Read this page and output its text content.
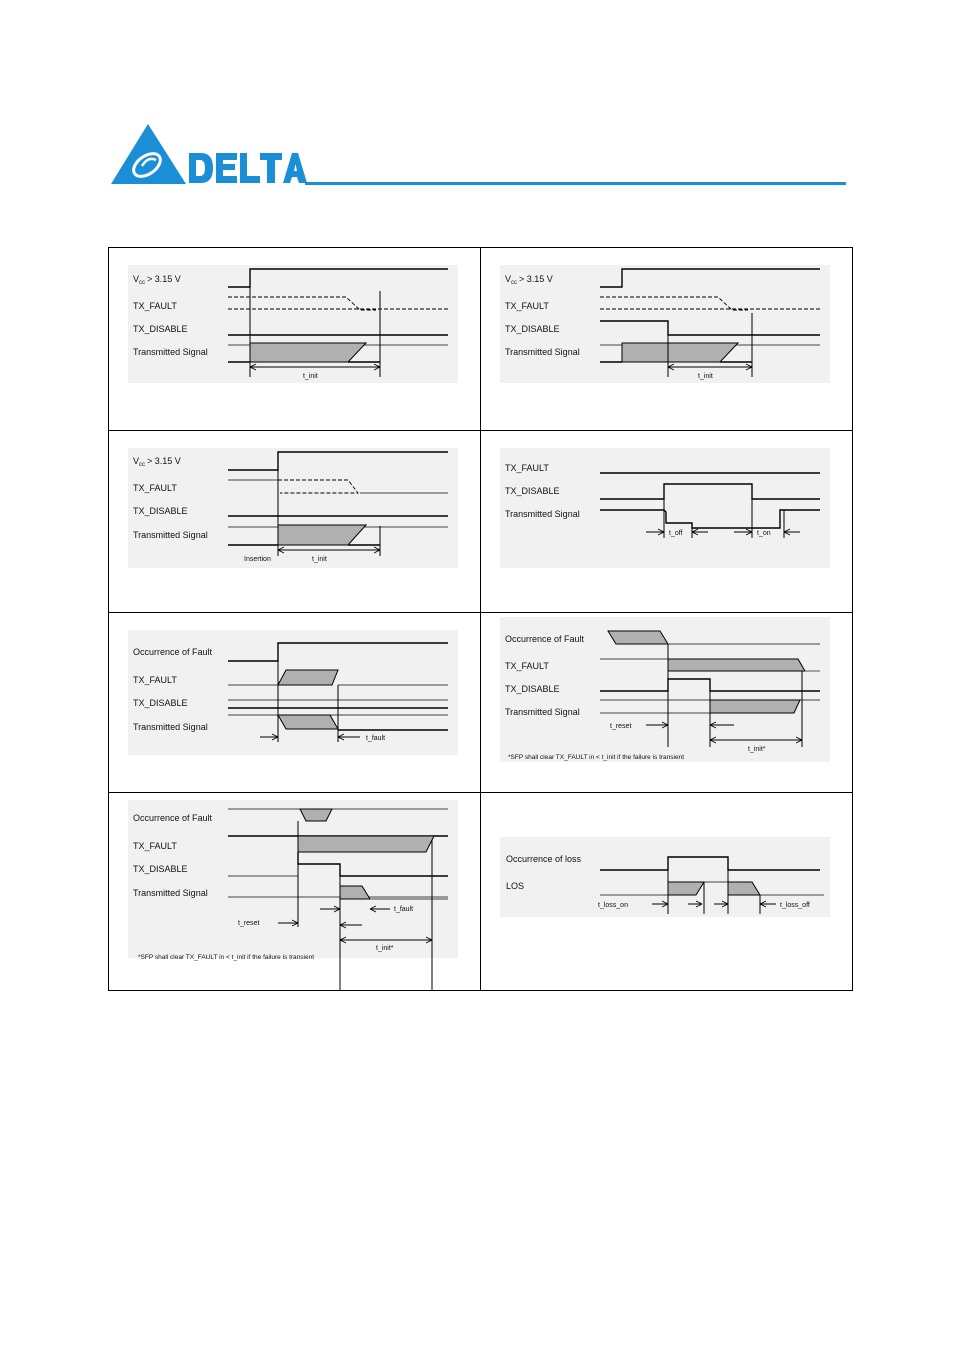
$V_{cc} > 3.15$ V
TX_FAULT
TX_DISABLE
Transmitted Signal
t_init
$V_{cc} > 3.15$ V
TX_FAULT
TX_DISABLE
Transmitted Signal
t_init
$V_{cc} > 3.15$ V
TX_FAULT
TX_DISABLE
Transmitted Signal
Insertion	t_init
TX_FAULT
TX_DISABLE
Transmitted Signal
t_off	t_on
Occurrence of Fault
TX_FAULT
TX_DISABLE
Transmitted Signal
t_fault
Occurrence of Fault
TX_FAULT
TX_DISABLE
Transmitted Signal
t_reset
t_init*
*SFP shall clear TX_FAULT in < t_init if the failure is transient
Occurrence of Fault
TX_FAULT
TX_DISABLE
Transmitted Signal
t_fault
t_reset
t_init*
*SFP shall clear TX_FAULT in < t_init if the failure is transient
Occurrence of loss
LOS
t_loss_on	t_loss_off
